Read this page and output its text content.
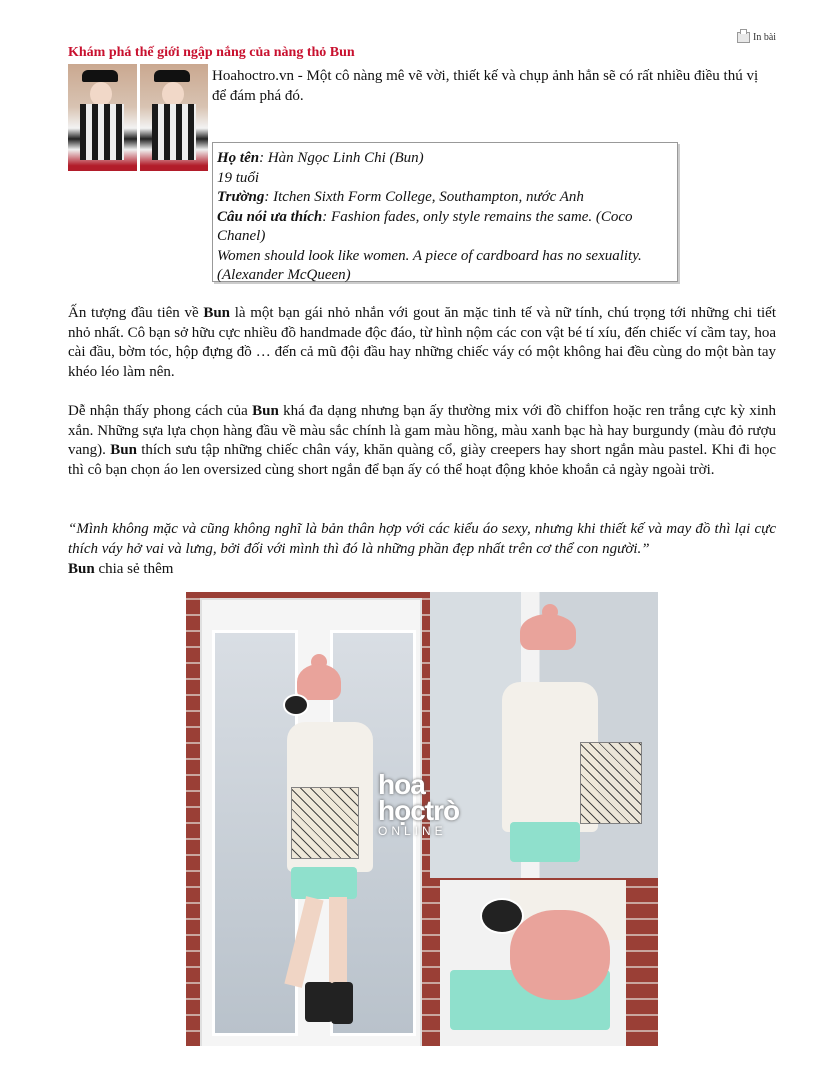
In bài
Khám phá thế giới ngập nắng của nàng thỏ Bun
Hoahoctro.vn - Một cô nàng mê vẽ vời, thiết kế và chụp ảnh hẳn sẽ có rất nhiều điều thú vị để đám phá đó.
Họ tên: Hàn Ngọc Linh Chi (Bun)
19 tuổi
Trường: Itchen Sixth Form College, Southampton, nước Anh
Câu nói ưa thích: Fashion fades, only style remains the same. (Coco Chanel)
Women should look like women. A piece of cardboard has no sexuality. (Alexander McQueen)

Ấn tượng đầu tiên về Bun là một bạn gái nhỏ nhắn với gout ăn mặc tinh tế và nữ tính, chú trọng tới những chi tiết nhỏ nhất. Cô bạn sở hữu cực nhiều đồ handmade độc đáo, từ hình nộm các con vật bé tí xíu, đến chiếc ví cầm tay, hoa cài đầu, bờm tóc, hộp đựng đồ … đến cả mũ đội đầu hay những chiếc váy có một không hai đều cùng do một bàn tay khéo léo làm nên.

Dễ nhận thấy phong cách của Bun khá đa dạng nhưng bạn ấy thường mix với đồ chiffon hoặc ren trắng cực kỳ xinh xắn. Những sựa lựa chọn hàng đầu về màu sắc chính là gam màu hồng, màu xanh bạc hà hay burgundy (màu đỏ rượu vang). Bun thích sưu tập những chiếc chân váy, khăn quàng cổ, giày creepers hay short ngắn màu pastel. Khi đi học thì cô bạn chọn áo len oversized cùng short ngắn để bạn ấy có thể hoạt động khỏe khoắn cả ngày ngoài trời.

“Mình không mặc và cũng không nghĩ là bản thân hợp với các kiểu áo sexy, nhưng khi thiết kế và may đồ thì lại cực thích váy hở vai và lưng, bởi đối với mình thì đó là những phần đẹp nhất trên cơ thể con người.”

Bun chia sẻ thêm

hoa
họctrò
ONLINE
